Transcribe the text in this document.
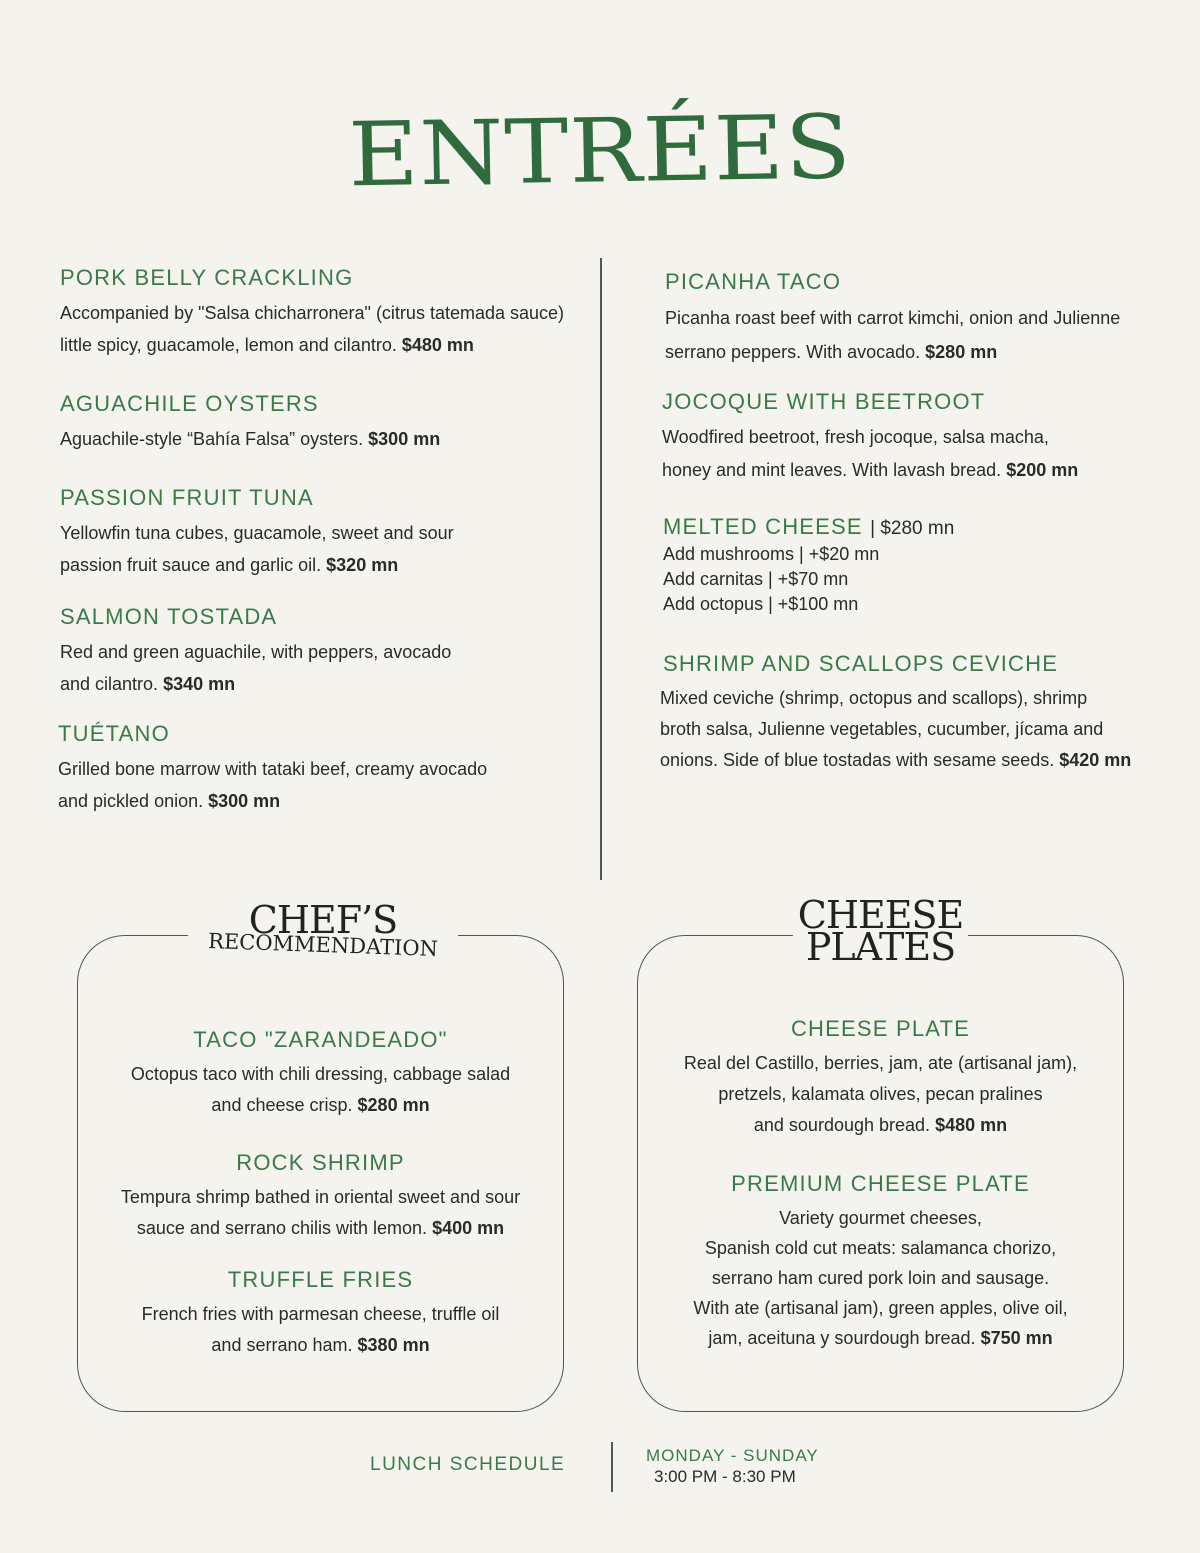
ENTRÉES
PORK BELLY CRACKLING

Accompanied by "Salsa chicharronera" (citrus tatemada sauce)
little spicy, guacamole, lemon and cilantro. $480 mn

AGUACHILE OYSTERS

Aguachile-style “Bahía Falsa” oysters. $300 mn

PASSION FRUIT TUNA

Yellowfin tuna cubes, guacamole, sweet and sour
passion fruit sauce and garlic oil. $320 mn

SALMON TOSTADA

Red and green aguachile, with peppers, avocado
and cilantro. $340 mn

TUÉTANO

Grilled bone marrow with tataki beef, creamy avocado
and pickled onion. $300 mn

PICANHA TACO

Picanha roast beef with carrot kimchi, onion and Julienne
serrano peppers. With avocado. $280 mn

JOCOQUE WITH BEETROOT

Woodfired beetroot, fresh jocoque, salsa macha,
honey and mint leaves. With lavash bread. $200 mn

MELTED CHEESE | $280 mn

Add mushrooms | +$20 mn

Add carnitas | +$70 mn

Add octopus | +$100 mn

SHRIMP AND SCALLOPS CEVICHE

Mixed ceviche (shrimp, octopus and scallops), shrimp
broth salsa, Julienne vegetables, cucumber, jícama and
onions. Side of blue tostadas with sesame seeds. $420 mn

CHEF’S
RECOMMENDATION
TACO "ZARANDEADO"

Octopus taco with chili dressing, cabbage salad
and cheese crisp. $280 mn

ROCK SHRIMP

Tempura shrimp bathed in oriental sweet and sour
sauce and serrano chilis with lemon. $400 mn

TRUFFLE FRIES

French fries with parmesan cheese, truffle oil
and serrano ham. $380 mn

CHEESE
PLATES
CHEESE PLATE

Real del Castillo, berries, jam, ate (artisanal jam),
pretzels, kalamata olives, pecan pralines
and sourdough bread. $480 mn

PREMIUM CHEESE PLATE

Variety gourmet cheeses,
Spanish cold cut meats: salamanca chorizo,
serrano ham cured pork loin and sausage.
With ate (artisanal jam), green apples, olive oil,
jam, aceituna y sourdough bread. $750 mn

LUNCH SCHEDULE	MONDAY - SUNDAY
3:00 PM - 8:30 PM
